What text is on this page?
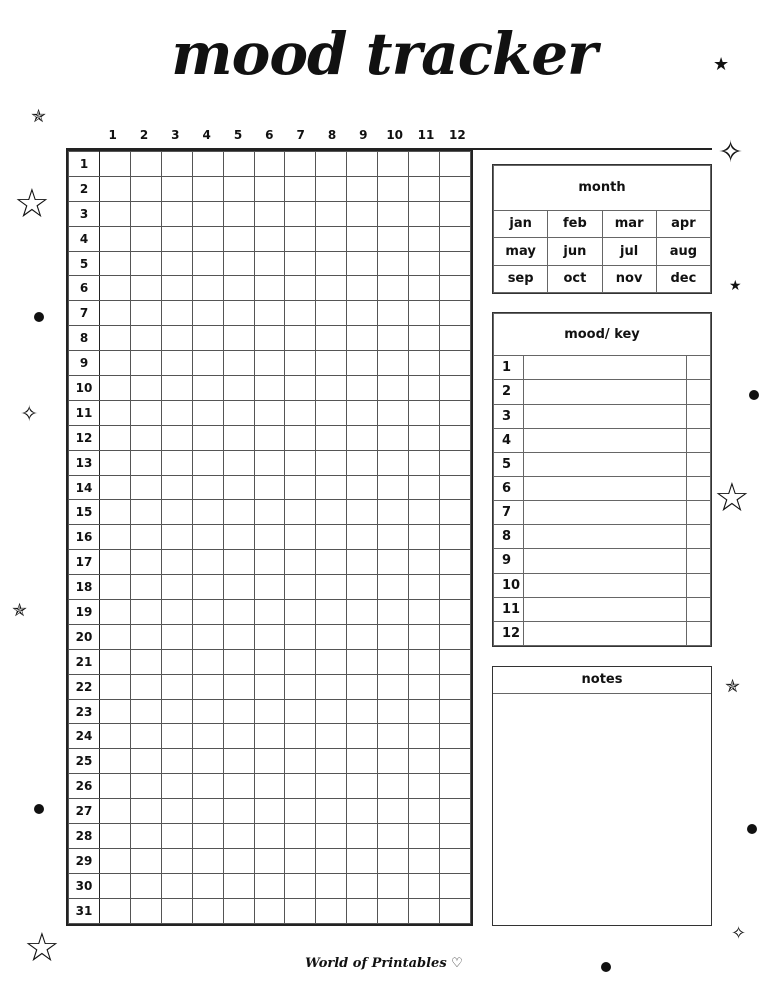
mood tracker
1	2	3	4	5	6	7	8	9	10	11	12
1												
2												
3												
4												
5												
6												
7												
8												
9												
10												
11												
12												
13												
14												
15												
16												
17												
18												
19												
20												
21												
22												
23												
24												
25												
26												
27												
28												
29												
30												
31												
month			
jan	feb	mar	apr
may	jun	jul	aug
sep	oct	nov	dec
mood/ key		
1		
2		
3		
4		
5		
6		
7		
8		
9		
10		
11		
12		
notes
World of Printables ♡
✯
☆
✧
✯
☆
★
✧
★
☆
✯
✧
